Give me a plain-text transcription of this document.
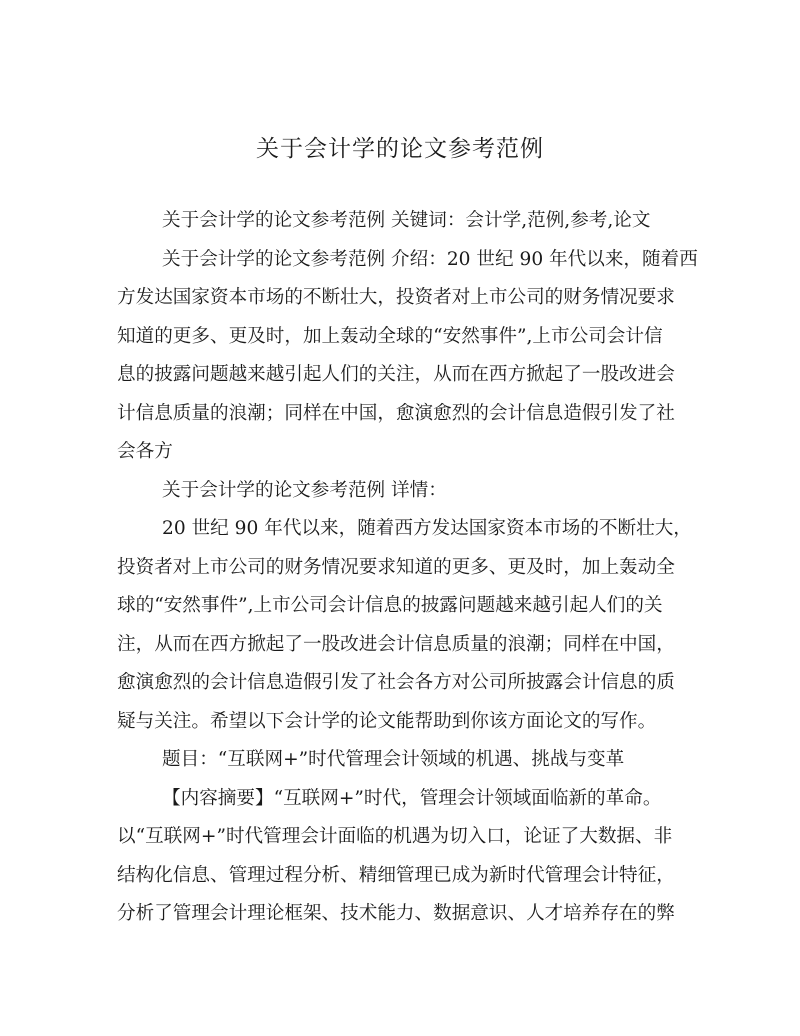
关于会计学的论文参考范例

关于会计学的论文参考范例 关键词：会计学,范例,参考,论文

关于会计学的论文参考范例 介绍：20 世纪 90 年代以来，随着西
方发达国家资本市场的不断壮大，投资者对上市公司的财务情况要求
知道的更多、更及时，加上轰动全球的“安然事件”,上市公司会计信
息的披露问题越来越引起人们的关注，从而在西方掀起了一股改进会
计信息质量的浪潮；同样在中国，愈演愈烈的会计信息造假引发了社
会各方

关于会计学的论文参考范例 详情：

20 世纪 90 年代以来，随着西方发达国家资本市场的不断壮大，
投资者对上市公司的财务情况要求知道的更多、更及时，加上轰动全
球的“安然事件”,上市公司会计信息的披露问题越来越引起人们的关
注，从而在西方掀起了一股改进会计信息质量的浪潮；同样在中国，
愈演愈烈的会计信息造假引发了社会各方对公司所披露会计信息的质
疑与关注。希望以下会计学的论文能帮助到你该方面论文的写作。

题目：“互联网+”时代管理会计领域的机遇、挑战与变革

【内容摘要】“互联网+”时代，管理会计领域面临新的革命。
以“互联网+”时代管理会计面临的机遇为切入口，论证了大数据、非
结构化信息、管理过程分析、精细管理已成为新时代管理会计特征，
分析了管理会计理论框架、技术能力、数据意识、人才培养存在的弊
